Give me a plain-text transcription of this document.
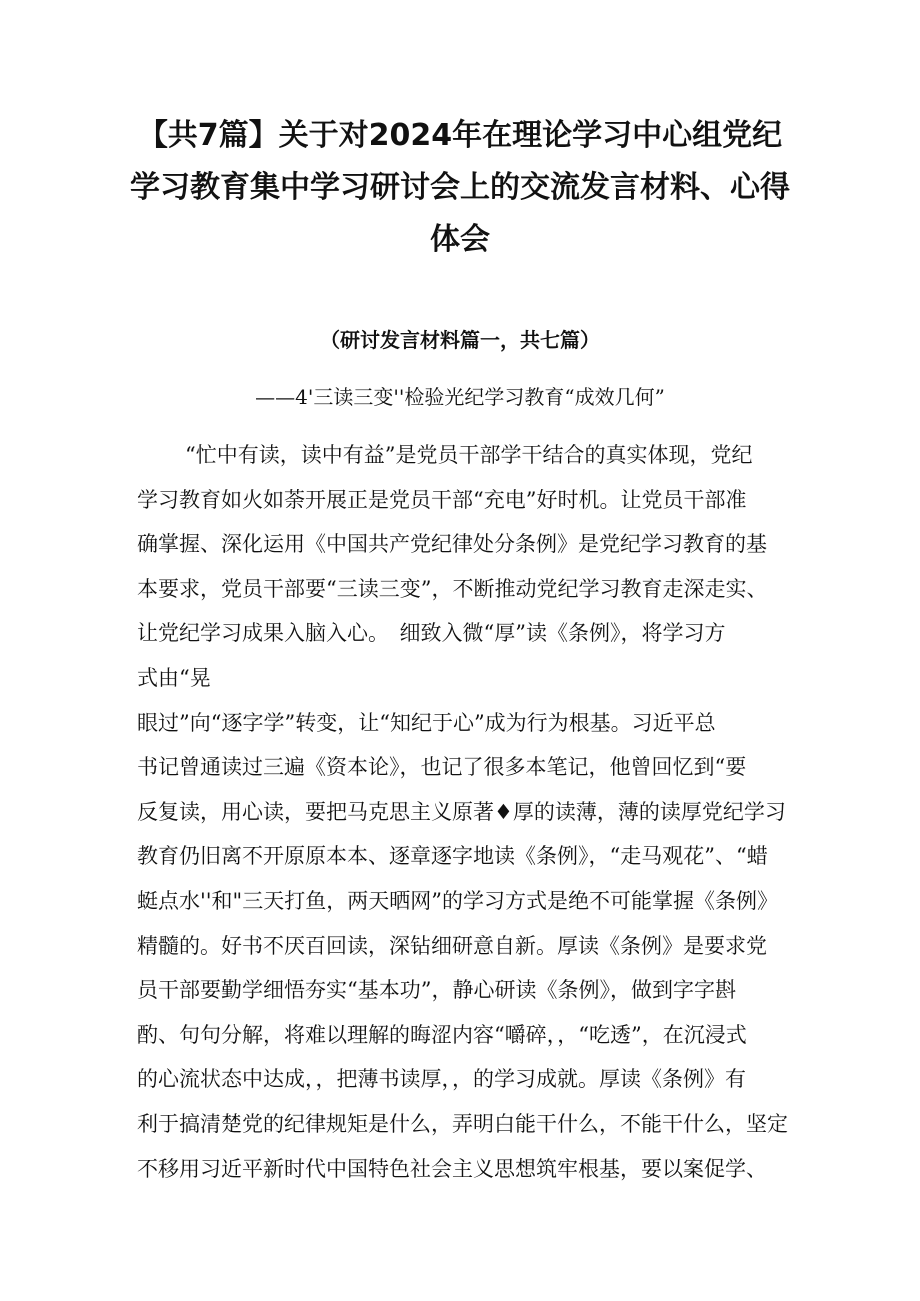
【共7篇】关于对2024年在理论学习中心组党纪
学习教育集中学习研讨会上的交流发言材料、心得
体会

（研讨发言材料篇一，共七篇）

——4'三读三变''检验光纪学习教育“成效几何”

“忙中有读，读中有益”是党员干部学干结合的真实体现，党纪
学习教育如火如荼开展正是党员干部“充电”好时机。让党员干部准
确掌握、深化运用《中国共产党纪律处分条例》是党纪学习教育的基
本要求，党员干部要“三读三变”，不断推动党纪学习教育走深走实、
让党纪学习成果入脑入心。　细致入微“厚”读《条例》，将学习方
式由“晃
眼过”向“逐字学”转变，让“知纪于心”成为行为根基。习近平总
书记曾通读过三遍《资本论》，也记了很多本笔记，他曾回忆到“要
反复读，用心读，要把马克思主义原著♦厚的读薄，薄的读厚党纪学习
教育仍旧离不开原原本本、逐章逐字地读《条例》，“走马观花”、“蜡
蜓点水''和"三天打鱼，两天晒网”的学习方式是绝不可能掌握《条例》
精髓的。好书不厌百回读，深钻细研意自新。厚读《条例》是要求党
员干部要勤学细悟夯实“基本功”，静心研读《条例》，做到字字斟
酌、句句分解，将难以理解的晦涩内容“嚼碎，，“吃透”，在沉浸式
的心流状态中达成，，把薄书读厚，，的学习成就。厚读《条例》有
利于搞清楚党的纪律规矩是什么，弄明白能干什么，不能干什么，坚定
不移用习近平新时代中国特色社会主义思想筑牢根基，要以案促学、
